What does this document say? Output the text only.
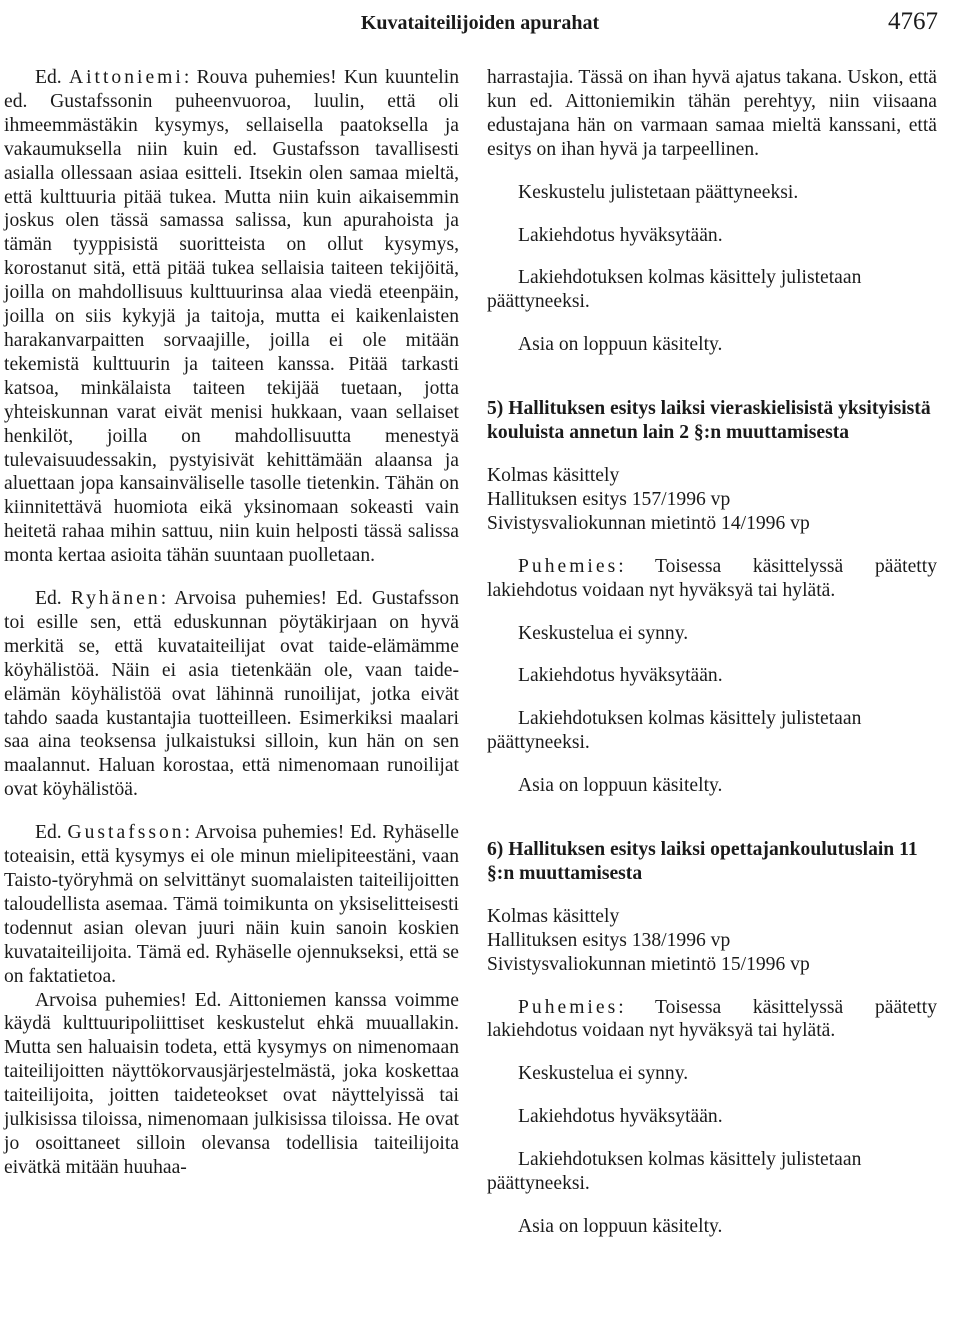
Kuvataiteilijoiden apurahat	4767

Ed. Aittoniemi: Rouva puhemies! Kun kuuntelin ed. Gustafssonin puheenvuoroa, luulin, että oli ihmeemmästäkin kysymys, sellaisella paatoksella ja vakaumuksella niin kuin ed. Gustafsson tavallisesti asialla ollessaan asiaa esitteli. Itsekin olen samaa mieltä, että kulttuuria pitää tukea. Mutta niin kuin aikaisemmin joskus olen tässä samassa salissa, kun apurahoista ja tämän tyyppisistä suoritteista on ollut kysymys, korostanut sitä, että pitää tukea sellaisia taiteen tekijöitä, joilla on mahdollisuus kulttuurinsa alaa viedä eteenpäin, joilla on siis kykyjä ja taitoja, mutta ei kaikenlaisten harakanvarpaitten sorvaajille, joilla ei ole mitään tekemistä kulttuurin ja taiteen kanssa. Pitää tarkasti katsoa, minkälaista taiteen tekijää tuetaan, jotta yhteiskunnan varat eivät menisi hukkaan, vaan sellaiset henkilöt, joilla on mahdollisuutta menestyä tulevaisuudessakin, pystyisivät kehittämään alaansa ja aluettaan jopa kansainväliselle tasolle tietenkin. Tähän on kiinnitettävä huomiota eikä yksinomaan sokeasti vain heitetä rahaa mihin sattuu, niin kuin helposti tässä salissa monta kertaa asioita tähän suuntaan puolletaan.

Ed. Ryhänen: Arvoisa puhemies! Ed. Gustafsson toi esille sen, että eduskunnan pöytäkirjaan on hyvä merkitä se, että kuvataiteilijat ovat taide-elämämme köyhälistöä. Näin ei asia tietenkään ole, vaan taide-elämän köyhälistöä ovat lähinnä runoilijat, jotka eivät tahdo saada kustantajia tuotteilleen. Esimerkiksi maalari saa aina teoksensa julkaistuksi silloin, kun hän on sen maalannut. Haluan korostaa, että nimenomaan runoilijat ovat köyhälistöä.

Ed. Gustafsson: Arvoisa puhemies! Ed. Ryhäselle toteaisin, että kysymys ei ole minun mielipiteestäni, vaan Taisto-työryhmä on selvittänyt suomalaisten taiteilijoitten taloudellista asemaa. Tämä toimikunta on yksiselitteisesti todennut asian olevan juuri näin kuin sanoin koskien kuvataiteilijoita. Tämä ed. Ryhäselle ojennukseksi, että se on faktatietoa.

Arvoisa puhemies! Ed. Aittoniemen kanssa voimme käydä kulttuuripoliittiset keskustelut ehkä muuallakin. Mutta sen haluaisin todeta, että kysymys on nimenomaan taiteilijoitten näyttökorvausjärjestelmästä, joka koskettaa taiteilijoita, joitten taideteokset ovat näyttelyissä tai julkisissa tiloissa, nimenomaan julkisissa tiloissa. He ovat jo osoittaneet silloin olevansa todellisia taiteilijoita eivätkä mitään huuhaa-

harrastajia. Tässä on ihan hyvä ajatus takana. Uskon, että kun ed. Aittoniemikin tähän perehtyy, niin viisaana edustajana hän on varmaan samaa mieltä kanssani, että esitys on ihan hyvä ja tarpeellinen.

Keskustelu julistetaan päättyneeksi.

Lakiehdotus hyväksytään.

Lakiehdotuksen kolmas käsittely julistetaan päättyneeksi.

Asia on loppuun käsitelty.

5) Hallituksen esitys laiksi vieraskielisistä yksityisistä kouluista annetun lain 2 §:n muuttamisesta

Kolmas käsittely

Hallituksen esitys 157/1996 vp

Sivistysvaliokunnan mietintö 14/1996 vp

Puhemies: Toisessa käsittelyssä päätetty lakiehdotus voidaan nyt hyväksyä tai hylätä.

Keskustelua ei synny.

Lakiehdotus hyväksytään.

Lakiehdotuksen kolmas käsittely julistetaan päättyneeksi.

Asia on loppuun käsitelty.

6) Hallituksen esitys laiksi opettajankoulutuslain 11 §:n muuttamisesta

Kolmas käsittely

Hallituksen esitys 138/1996 vp

Sivistysvaliokunnan mietintö 15/1996 vp

Puhemies: Toisessa käsittelyssä päätetty lakiehdotus voidaan nyt hyväksyä tai hylätä.

Keskustelua ei synny.

Lakiehdotus hyväksytään.

Lakiehdotuksen kolmas käsittely julistetaan päättyneeksi.

Asia on loppuun käsitelty.
